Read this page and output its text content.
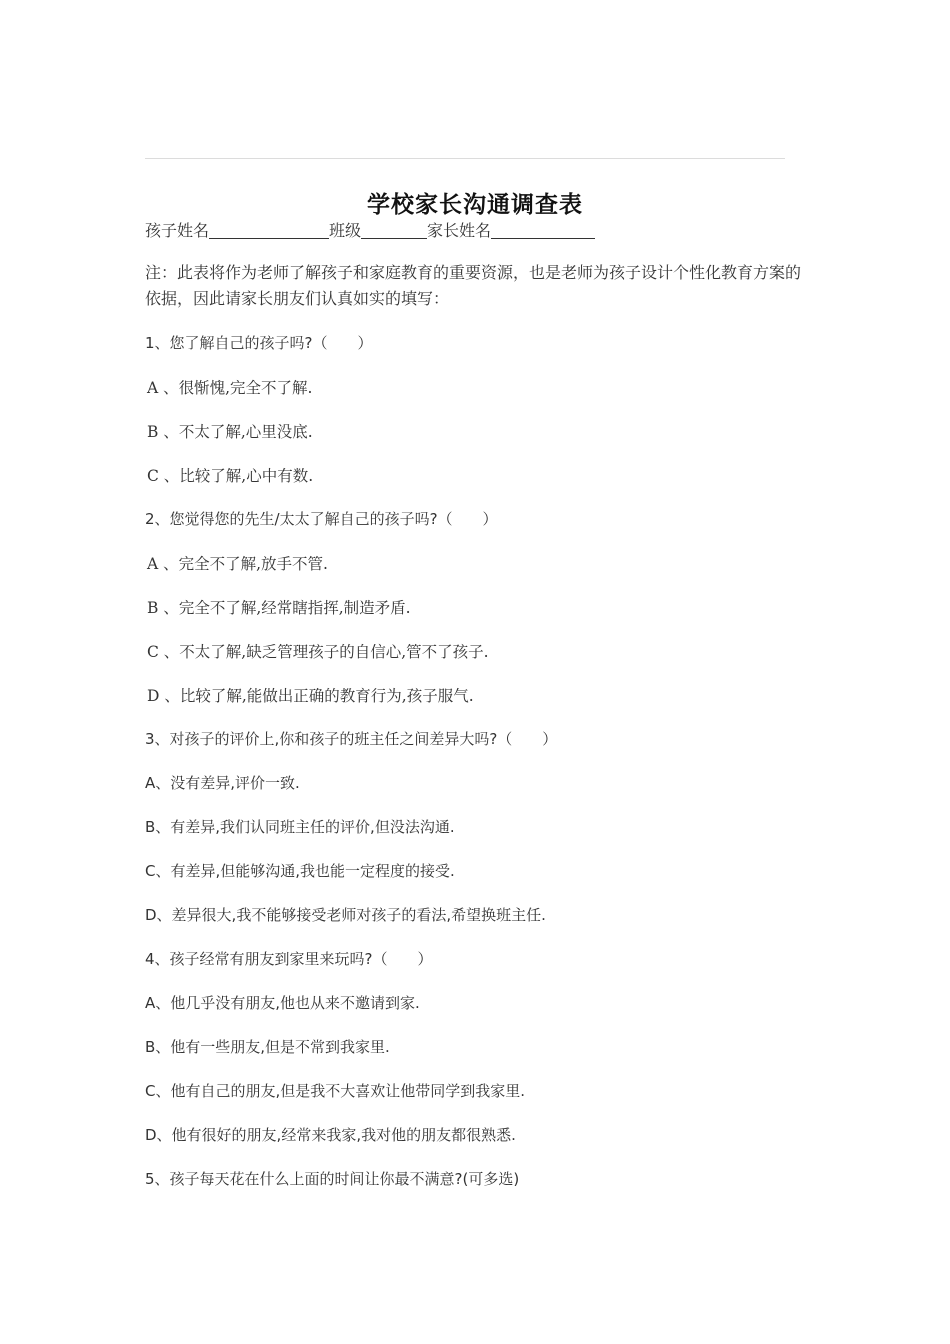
学校家长沟通调查表
孩子姓名	班级	家长姓名
注：此表将作为老师了解孩子和家庭教育的重要资源，也是老师为孩子设计个性化教育方案的依据，因此请家长朋友们认真如实的填写：
1、您了解自己的孩子吗?（　　）
A 、很惭愧,完全不了解.
B 、不太了解,心里没底.
C 、比较了解,心中有数.
2、您觉得您的先生/太太了解自己的孩子吗?（　　）
A 、完全不了解,放手不管.
B 、完全不了解,经常瞎指挥,制造矛盾.
C 、不太了解,缺乏管理孩子的自信心,管不了孩子.
D 、比较了解,能做出正确的教育行为,孩子服气.
3、对孩子的评价上,你和孩子的班主任之间差异大吗?（　　）
A、没有差异,评价一致.
B、有差异,我们认同班主任的评价,但没法沟通.
C、有差异,但能够沟通,我也能一定程度的接受.
D、差异很大,我不能够接受老师对孩子的看法,希望换班主任.
4、孩子经常有朋友到家里来玩吗?（　　）
A、他几乎没有朋友,他也从来不邀请到家.
B、他有一些朋友,但是不常到我家里.
C、他有自己的朋友,但是我不大喜欢让他带同学到我家里.
D、他有很好的朋友,经常来我家,我对他的朋友都很熟悉.
5、孩子每天花在什么上面的时间让你最不满意?(可多选)
